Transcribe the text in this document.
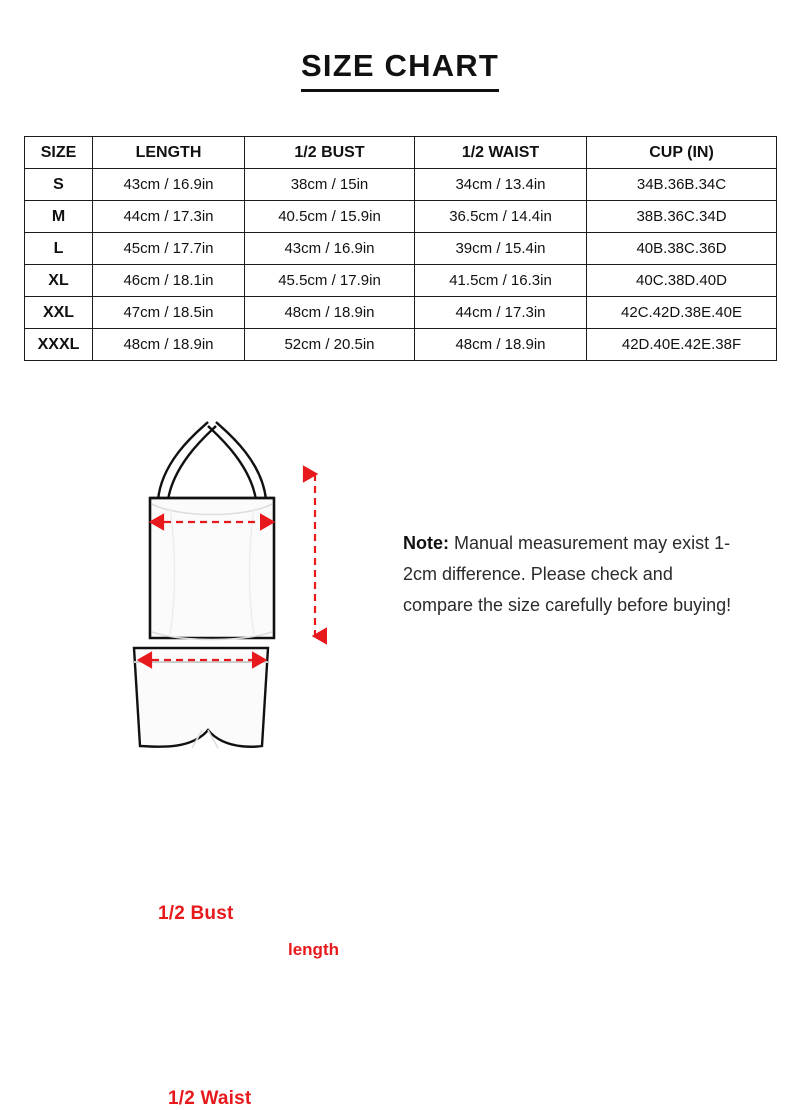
SIZE CHART
SIZE	LENGTH	1/2 BUST	1/2 WAIST	CUP (IN)
S	43cm / 16.9in	38cm / 15in	34cm / 13.4in	34B.36B.34C
M	44cm / 17.3in	40.5cm / 15.9in	36.5cm / 14.4in	38B.36C.34D
L	45cm / 17.7in	43cm / 16.9in	39cm / 15.4in	40B.38C.36D
XL	46cm / 18.1in	45.5cm / 17.9in	41.5cm / 16.3in	40C.38D.40D
XXL	47cm / 18.5in	48cm / 18.9in	44cm / 17.3in	42C.42D.38E.40E
XXXL	48cm / 18.9in	52cm / 20.5in	48cm / 18.9in	42D.40E.42E.38F
1/2 Bust
1/2 Waist
length
Note: Manual measurement may exist 1-2cm difference. Please check and compare the size carefully before buying!
